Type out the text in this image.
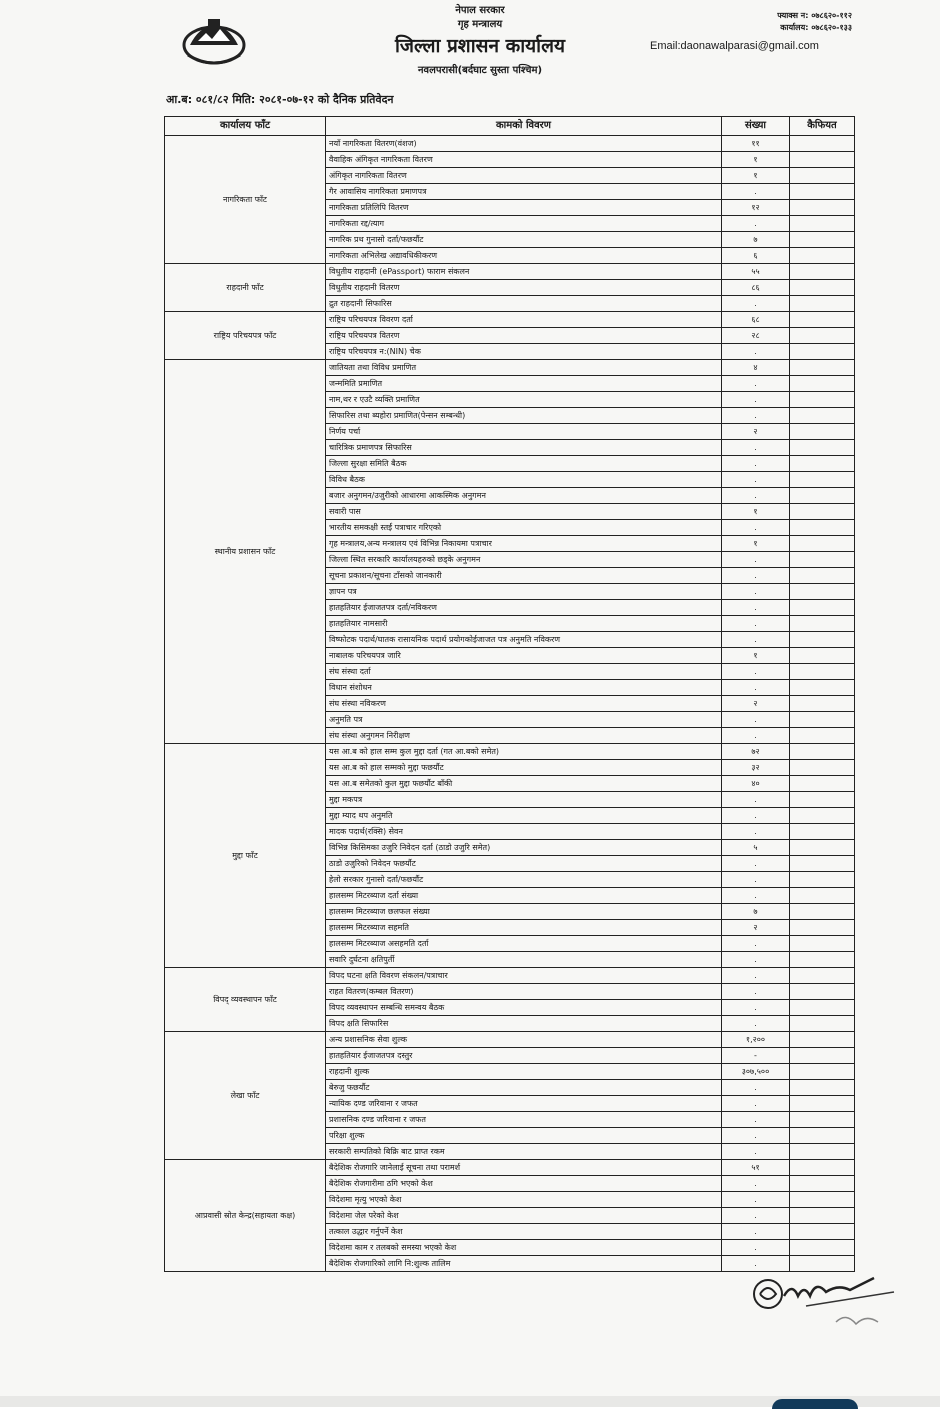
नेपाल सरकार
गृह मन्त्रालय
जिल्ला प्रशासन कार्यालय
नवलपरासी(बर्दघाट सुस्ता पश्चिम)
फ्याक्स न: ०७८६२०-११२
कार्यालय: ०७८६२०-१३३
Email:daonawalparasi@gmail.com
आ.ब: ०८१/८२ मिति: २०८१-०७-१२ को दैनिक प्रतिवेदन
कार्यालय फाँट	कामको विवरण	संख्या	कैफियत
नागरिकता फाँट	नयाँ नागरिकता वितरण(वंशज)	११	
	वैवाहिक अंगिकृत नागरिकता वितरण	१	
	अंगिकृत नागरिकता वितरण	१	
	गैर आवासिय नागरिकता प्रमाणपत्र	.	
	नागरिकता प्रतिलिपि वितरण	१२	
	नागरिकता रद्द/त्याग	.	
	नागरिक प्रथ गुनासो दर्ता/फछर्यौट	७	
	नागरिकता अभिलेख अद्यावधिकीकरण	६	
राहदानी फाँट	विधुतीय राहदानी (ePassport) फाराम संकलन	५५	
	विधुतीय राहदानी वितरण	८६	
	द्रुत राहदानी सिफारिस	.	
राष्ट्रिय परिचयपत्र फाँट	राष्ट्रिय परिचयपत्र विवरण दर्ता	६८	
	राष्ट्रिय परिचयपत्र वितरण	२८	
	राष्ट्रिय परिचयपत्र न:(NIN) चेक	.	
स्थानीय प्रशासन फाँट	जातियता तथा विविध प्रमाणित	४	
	जन्ममिति प्रमाणित	.	
	नाम,थर र एउटै व्यक्ति प्रमाणित	.	
	सिफारिस तथा ब्यहोरा प्रमाणित(पेन्सन सम्बन्धी)	.	
	निर्णय पर्चा	२	
	चारित्रिक प्रमाणपत्र सिफारिस	.	
	जिल्ला सुरक्षा समिति बैठक	.	
	विविध बैठक	.	
	बजार अनुगमन/उजुरीको आधारमा आकस्मिक अनुगमन	.	
	सवारी पास	१	
	भारतीय समकक्षी स्तर्ई पत्राचार गरिएको	.	
	गृह मन्त्रालय,अन्य मन्त्रालय एवं विभिन्न निकायमा पत्राचार	१	
	जिल्ला स्थित सरकारि कार्यालयहरुको छड्के अनुगमन	.	
	सूचना प्रकाशन/सूचना टाँसको जानकारी	.	
	ज्ञापन पत्र	.	
	हातहतियार ईजाजतपत्र दर्ता/नविकरण	.	
	हातहतियार नामसारी	.	
	विष्फोटक पदार्थ/घातक रासायनिक पदार्थ प्रयोगकोईजाजत पत्र अनुमति नविकरण	.	
	नाबालक परिचयपत्र जारि	१	
	संघ संस्था दर्ता	.	
	विधान संशोधन	.	
	संघ संस्था नविकरण	२	
	अनुमति पत्र	.	
	संघ संस्था अनुगमन निरीक्षण	.	
मुद्दा फाँट	यस आ.ब को हाल सम्म कुल मुद्दा दर्ता (गत आ.बको समेत)	७२	
	यस आ.ब को हाल सम्मको मुद्दा फछर्यौट	३२	
	यस आ.ब समेतको कुल मुद्दा फछर्यौट बाँकी	४०	
	मुद्दा मकपत्र	.	
	मुद्दा म्याद थप अनुमति	.	
	मादक पदार्थ(रक्सि) सेवन	.	
	विभिन्न किसिमका उजुरि निवेदन दर्ता (ठाडो उजुरि समेत)	५	
	ठाडो उजुरिको निवेदन फछर्यौट	.	
	हेलो सरकार गुनासो दर्ता/फछर्यौट	.	
	हालसम्म मिटरब्याज दर्ता संख्या	.	
	हालसम्म मिटरब्याज छलफल संख्या	७	
	हालसम्म मिटरब्याज सहमति	२	
	हालसम्म मिटरब्याज असहमति दर्ता	.	
	सवारि दुर्घटना क्षतिपुर्ती	.	
विपद् व्यवस्थापन फाँट	विपद घटना क्षति विवरण संकलन/पत्राचार	.	
	राहत वितरण(कम्बल वितरण)	.	
	विपद व्यवस्थापन सम्बन्धि समन्वय बैठक	.	
	विपद क्षति सिफारिस	.	
लेखा फाँट	अन्य प्रशासनिक सेवा शुल्क	१,२००	
	हातहतियार ईजाजतपत्र दस्तुर	-	
	राहदानी शुल्क	३०७,५००	
	बेरुजु फछर्यौट	.	
	न्यायिक दण्ड जरिवाना र जफत	.	
	प्रशासनिक दण्ड जरिवाना र जफत	.	
	परिक्षा शुल्क	.	
	सरकारी सम्पतिको बिक्रि बाट प्राप्त रकम	.	
आप्रवासी स्रोत केन्द्र(सहायता कक्ष)	बैदेशिक रोजगारि जानेलाई सूचना तथा परामर्श	५१	
	बैदेशिक रोजगारीमा ठगि भएको केश	.	
	विदेशमा मृत्यु भएको केश	.	
	विदेशमा जेल परेको केश	.	
	तत्काल उद्धार गर्नुपर्ने केश	.	
	विदेशमा काम र तलबको समस्या भएको केश	.	
	बैदेशिक रोजगारिको लागि नि:शुल्क तालिम	.	
